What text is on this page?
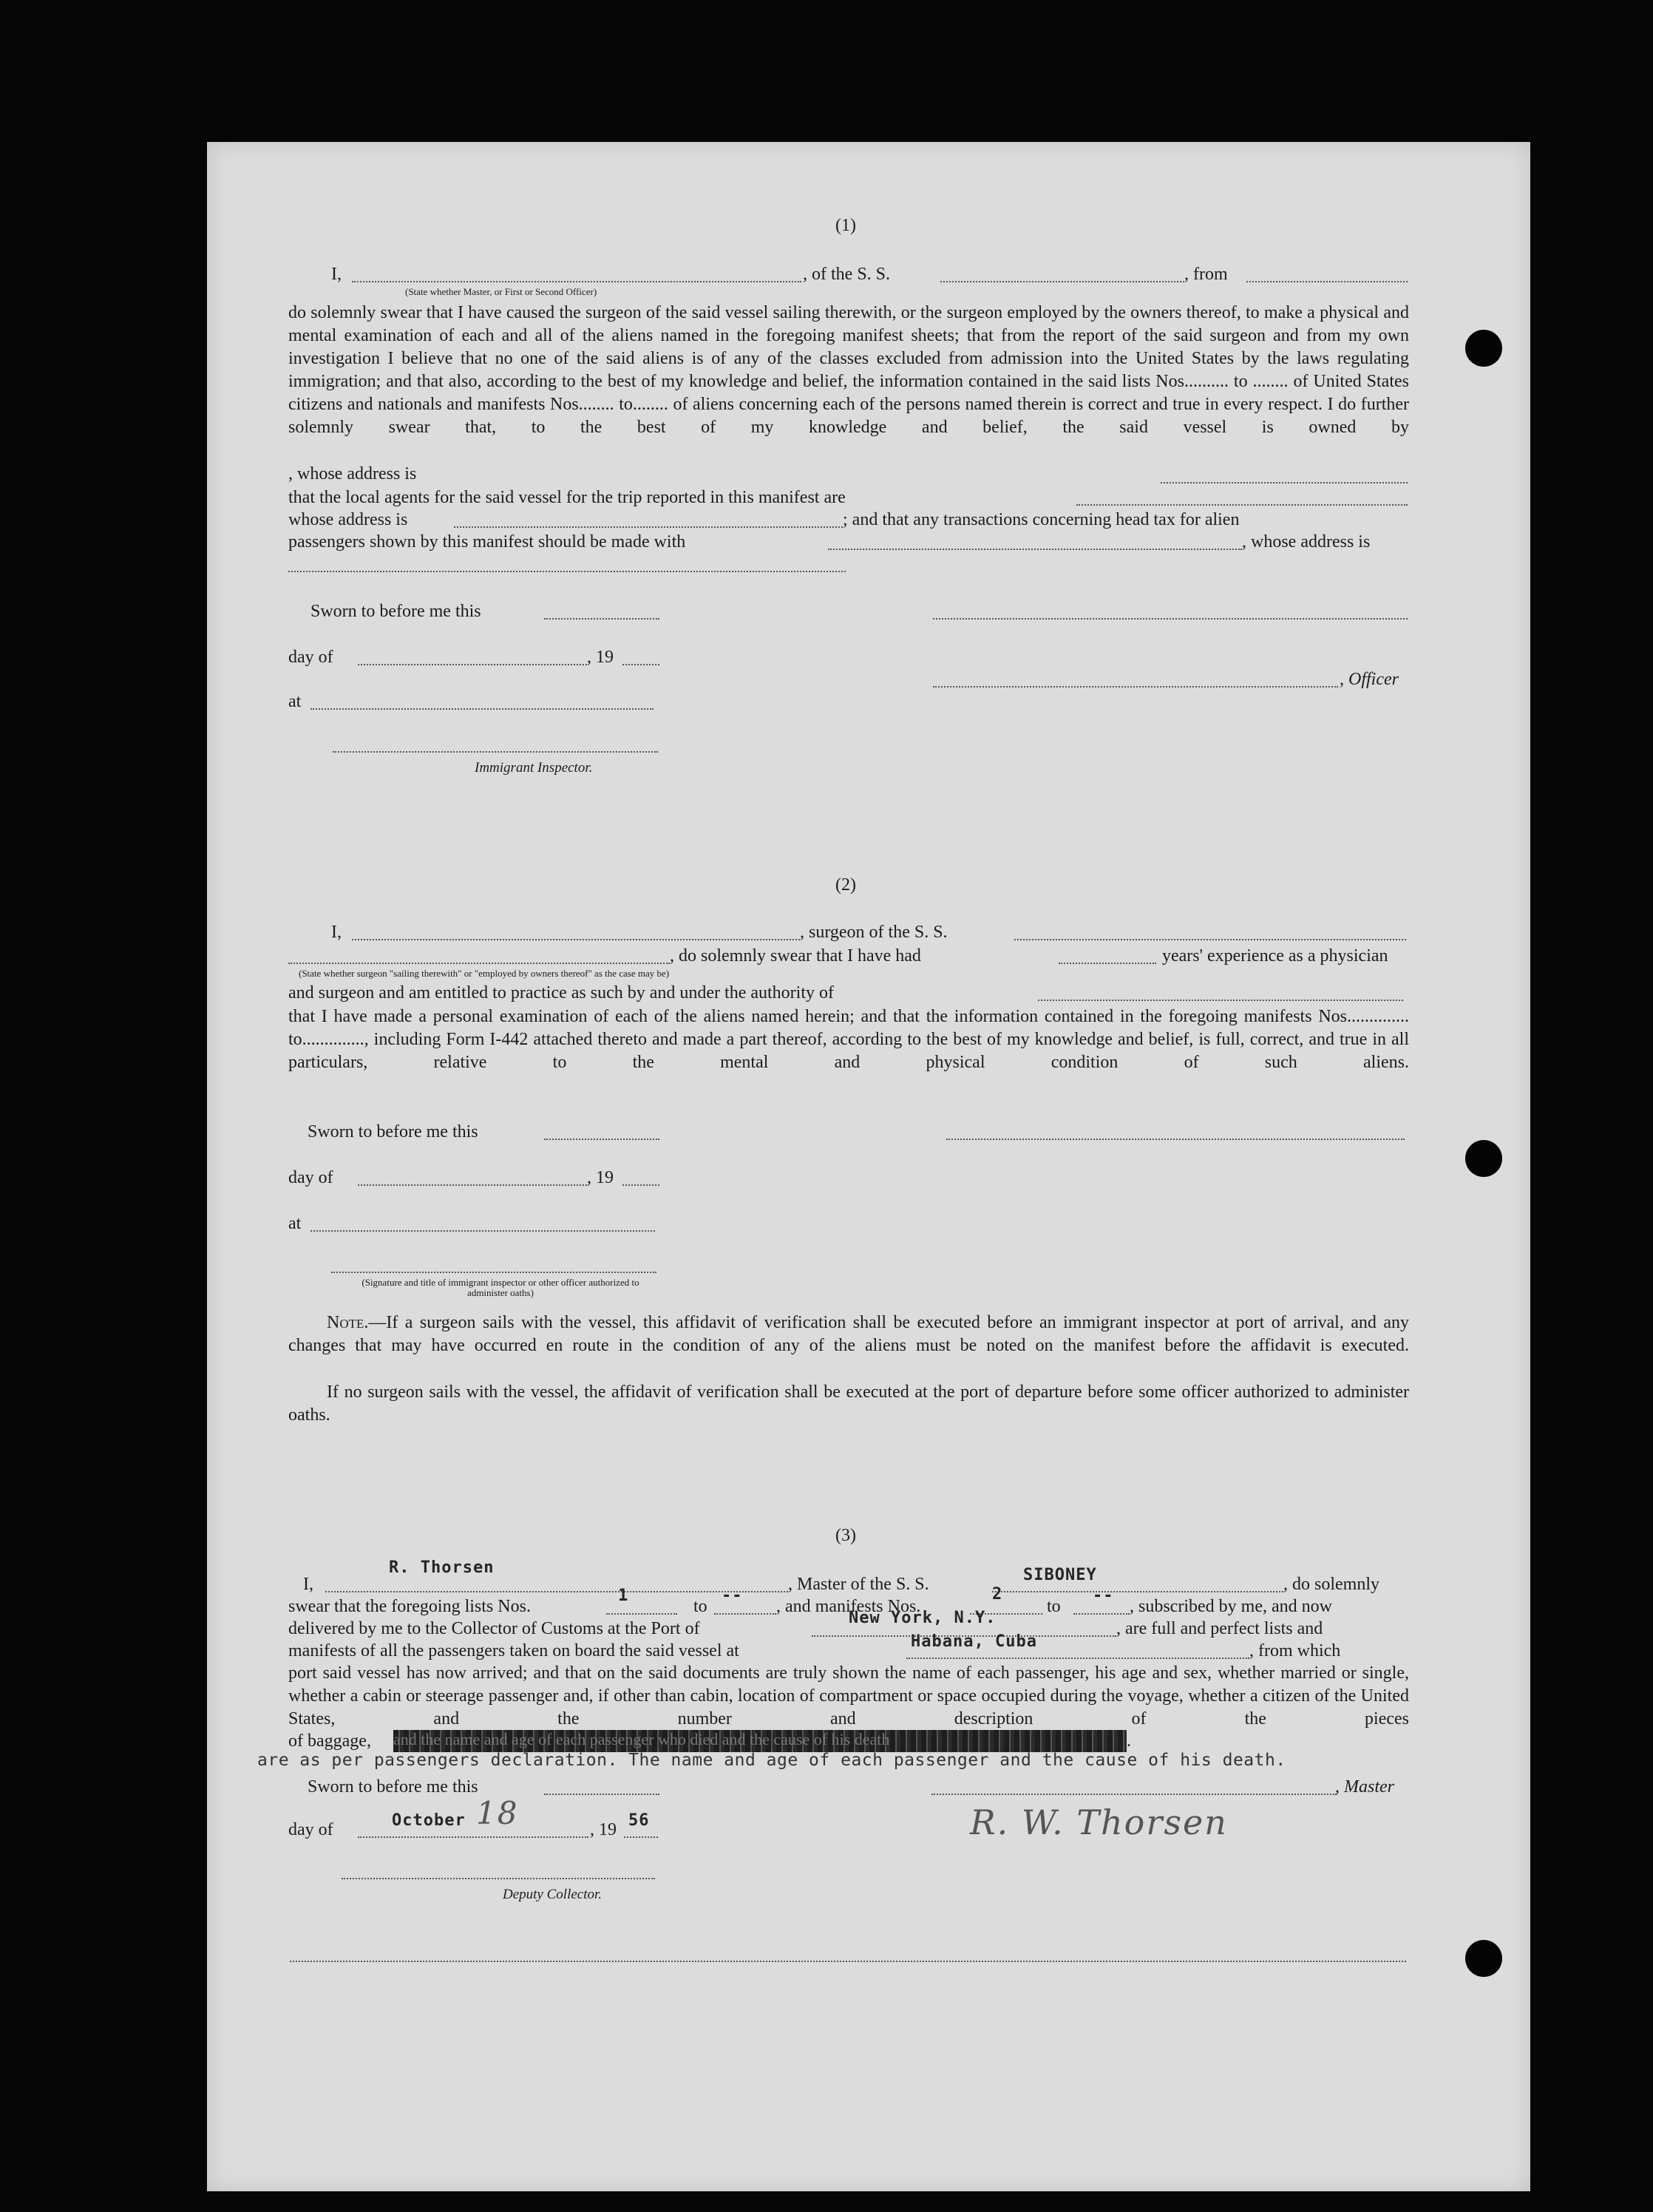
(1)
I,	, of the S. S.	, from
(State whether Master, or First or Second Officer)
do solemnly swear that I have caused the surgeon of the said vessel sailing therewith, or the surgeon employed by the owners thereof, to make a physical and mental examination of each and all of the aliens named in the foregoing manifest sheets; that from the report of the said surgeon and from my own investigation I believe that no one of the said aliens is of any of the classes excluded from admission into the United States by the laws regulating immigration; and that also, according to the best of my knowledge and belief, the information contained in the said lists Nos.......... to ........ of United States citizens and nationals and manifests Nos........ to........ of aliens concerning each of the persons named therein is correct and true in every respect. I do further solemnly swear that, to the best of my knowledge and belief, the said vessel is owned by
, whose address is
that the local agents for the said vessel for the trip reported in this manifest are
whose address is	; and that any transactions concerning head tax for alien
passengers shown by this manifest should be made with	, whose address is
Sworn to before me this
day of	, 19
, Officer
at
Immigrant Inspector.
(2)
I,	, surgeon of the S. S.
, do solemnly swear that I have had	years' experience as a physician
(State whether surgeon "sailing therewith" or "employed by owners thereof" as the case may be)
and surgeon and am entitled to practice as such by and under the authority of
that I have made a personal examination of each of the aliens named herein; and that the information contained in the foregoing manifests Nos.............. to.............., including Form I-442 attached thereto and made a part thereof, according to the best of my knowledge and belief, is full, correct, and true in all particulars, relative to the mental and physical condition of such aliens.
Sworn to before me this
day of	, 19
at
(Signature and title of immigrant inspector or other officer authorized to administer oaths)
Note.—If a surgeon sails with the vessel, this affidavit of verification shall be executed before an immigrant inspector at port of arrival, and any changes that may have occurred en route in the condition of any of the aliens must be noted on the manifest before the affidavit is executed.
If no surgeon sails with the vessel, the affidavit of verification shall be executed at the port of departure before some officer authorized to administer oaths.
(3)
I,
R. Thorsen
, Master of the S. S.	SIBONEY	, do solemnly
swear that the foregoing lists Nos.
1
to
--
, and manifests Nos.
2
to
--
, subscribed by me, and now
delivered by me to the Collector of Customs at the Port of
New York, N.Y.
, are full and perfect lists and
manifests of all the passengers taken on board the said vessel at	Habana, Cuba	, from which
port said vessel has now arrived; and that on the said documents are truly shown the name of each passenger, his age and sex, whether married or single, whether a cabin or steerage passenger and, if other than cabin, location of compartment or space occupied during the voyage, whether a citizen of the United States, and the number and description of the pieces
of baggage, and the name and age of each passenger who died and the cause of his death	.
are as per passengers declaration. The name and age of each passenger and the cause of his death.
Sworn to before me this	, Master
day of	October 18	, 19 56	R. W. Thorsen
Deputy Collector.
